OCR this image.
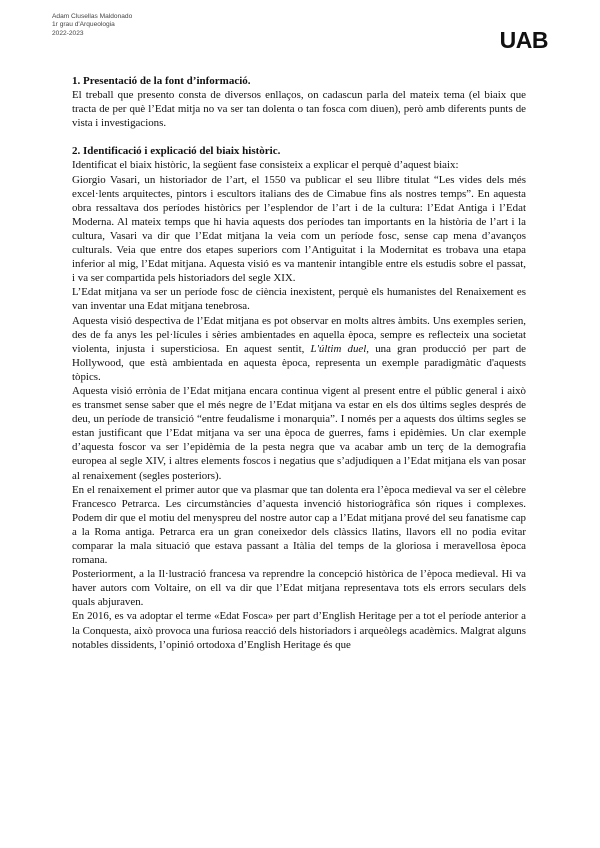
Adam Clusellas Maldonado
1r grau d'Arqueologia
2022-2023	UAB
1. Presentació de la font d’informació.

El treball que presento consta de diversos enllaços, on cadascun parla del mateix tema (el biaix que tracta de per què l’Edat mitja no va ser tan dolenta o tan fosca com diuen), però amb diferents punts de vista i investigacions.

2. Identificació i explicació del biaix històric.

Identificat el biaix històric, la següent fase consisteix a explicar el perquè d’aquest biaix:

Giorgio Vasari, un historiador de l’art, el 1550 va publicar el seu llibre titulat “Les vides dels més excel·lents arquitectes, pintors i escultors italians des de Cimabue fins als nostres temps”. En aquesta obra ressaltava dos períodes històrics per l’esplendor de l’art i de la cultura: l’Edat Antiga i l’Edat Moderna. Al mateix temps que hi havia aquests dos períodes tan importants en la història de l’art i la cultura, Vasari va dir que l’Edat mitjana la veia com un període fosc, sense cap mena d’avanços culturals. Veia que entre dos etapes superiors com l’Antiguitat i la Modernitat es trobava una etapa inferior al mig, l’Edat mitjana. Aquesta visió es va mantenir intangible entre els estudis sobre el passat, i va ser compartida pels historiadors del segle XIX.

L’Edat mitjana va ser un període fosc de ciència inexistent, perquè els humanistes del Renaixement es van inventar una Edat mitjana tenebrosa.

Aquesta visió despectiva de l’Edat mitjana es pot observar en molts altres àmbits. Uns exemples serien, des de fa anys les pel·lícules i sèries ambientades en aquella època, sempre es reflecteix una societat violenta, injusta i supersticiosa. En aquest sentit, L'últim duel, una gran producció per part de Hollywood, que està ambientada en aquesta època, representa un exemple paradigmàtic d'aquests tòpics.

Aquesta visió errònia de l’Edat mitjana encara continua vigent al present entre el públic general i això es transmet sense saber que el més negre de l’Edat mitjana va estar en els dos últims segles després de deu, un període de transició “entre feudalisme i monarquia”. I només per a aquests dos últims segles se estan justificant que l’Edat mitjana va ser una època de guerres, fams i epidèmies. Un clar exemple d’aquesta foscor va ser l’epidèmia de la pesta negra que va acabar amb un terç de la demografia europea al segle XIV, i altres elements foscos i negatius que s’adjudiquen a l’Edat mitjana els van posar al renaixement (segles posteriors).

En el renaixement el primer autor que va plasmar que tan dolenta era l’època medieval va ser el cèlebre Francesco Petrarca. Les circumstàncies d’aquesta invenció historiogràfica són riques i complexes. Podem dir que el motiu del menyspreu del nostre autor cap a l’Edat mitjana prové del seu fanatisme cap a la Roma antiga. Petrarca era un gran coneixedor dels clàssics llatins, llavors ell no podia evitar comparar la mala situació que estava passant a Itàlia del temps de la gloriosa i meravellosa època romana.

Posteriorment, a la Il·lustració francesa va reprendre la concepció històrica de l’època medieval. Hi va haver autors com Voltaire, on ell va dir que l’Edat mitjana representava tots els errors seculars dels quals abjuraven.

En 2016, es va adoptar el terme «Edat Fosca» per part d’English Heritage per a tot el període anterior a la Conquesta, això provoca una furiosa reacció dels historiadors i arqueòlegs acadèmics. Malgrat alguns notables dissidents, l’opinió ortodoxa d’English Heritage és que
